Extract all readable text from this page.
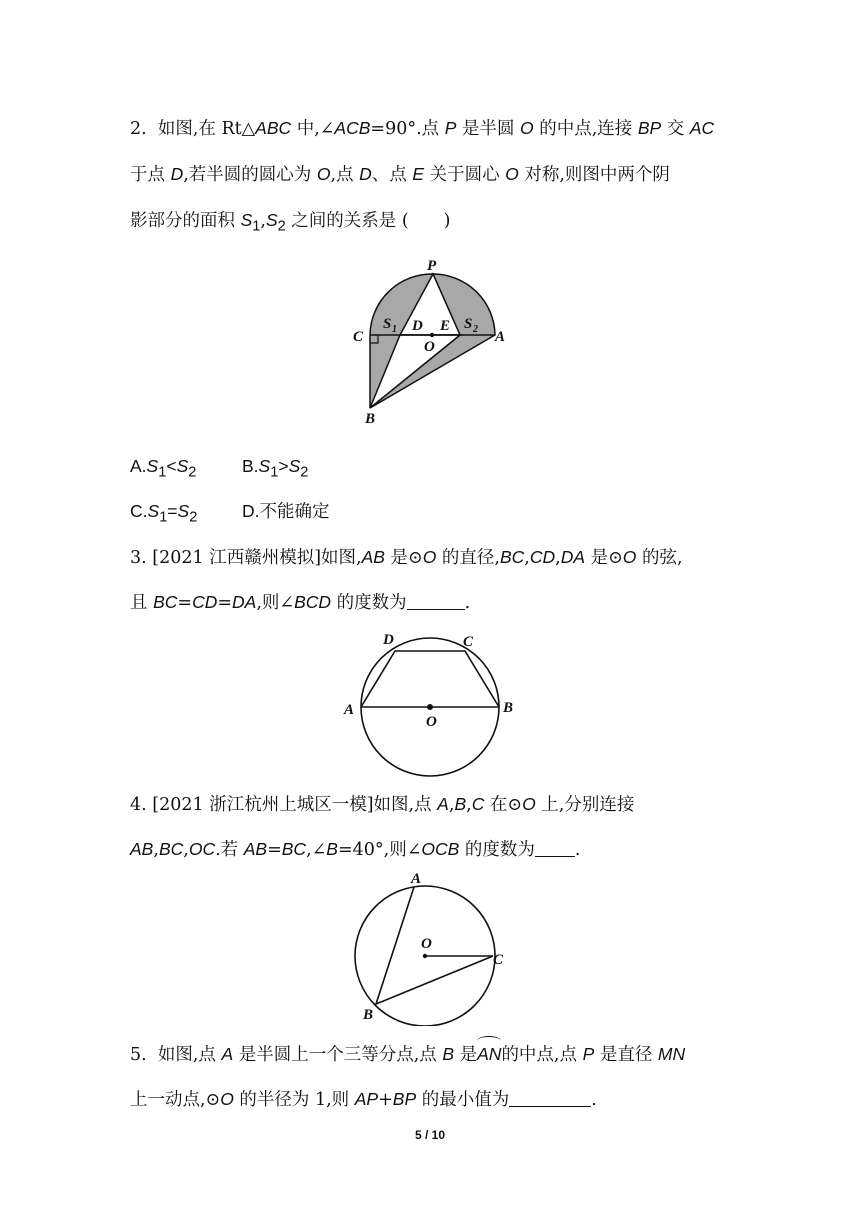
2. 如图,在 Rt△ABC 中,∠ACB=90°.点 P 是半圆 O 的中点,连接 BP 交 AC
于点 D,若半圆的圆心为 O,点 D、点 E 关于圆心 O 对称,则图中两个阴
影部分的面积 $S_1,S_2$ 之间的关系是 (　　)
P
C
S 1 D E S 2 A
O
B
$A.S_1<S_2$	$B.S_1>S_2$
$C.S_1=S_2$	D.不能确定
3. [2021 江西赣州模拟]如图,AB 是⊙O 的直径,BC,CD,DA 是⊙O 的弦,
且 BC=CD=DA,则∠BCD 的度数为	.
D	C
A
O
B
4. [2021 浙江杭州上城区一模]如图,点 A,B,C 在⊙O 上,分别连接
AB,BC,OC.若 AB=BC,∠B=40°,则∠OCB 的度数为 .
A
O
C
B
5. 如图,点 A 是半圆上一个三等分点,点 B 是AN的中点,点 P 是直径 MN
上一动点,⊙O 的半径为 1,则 AP+BP 的最小值为	.
5 / 10
